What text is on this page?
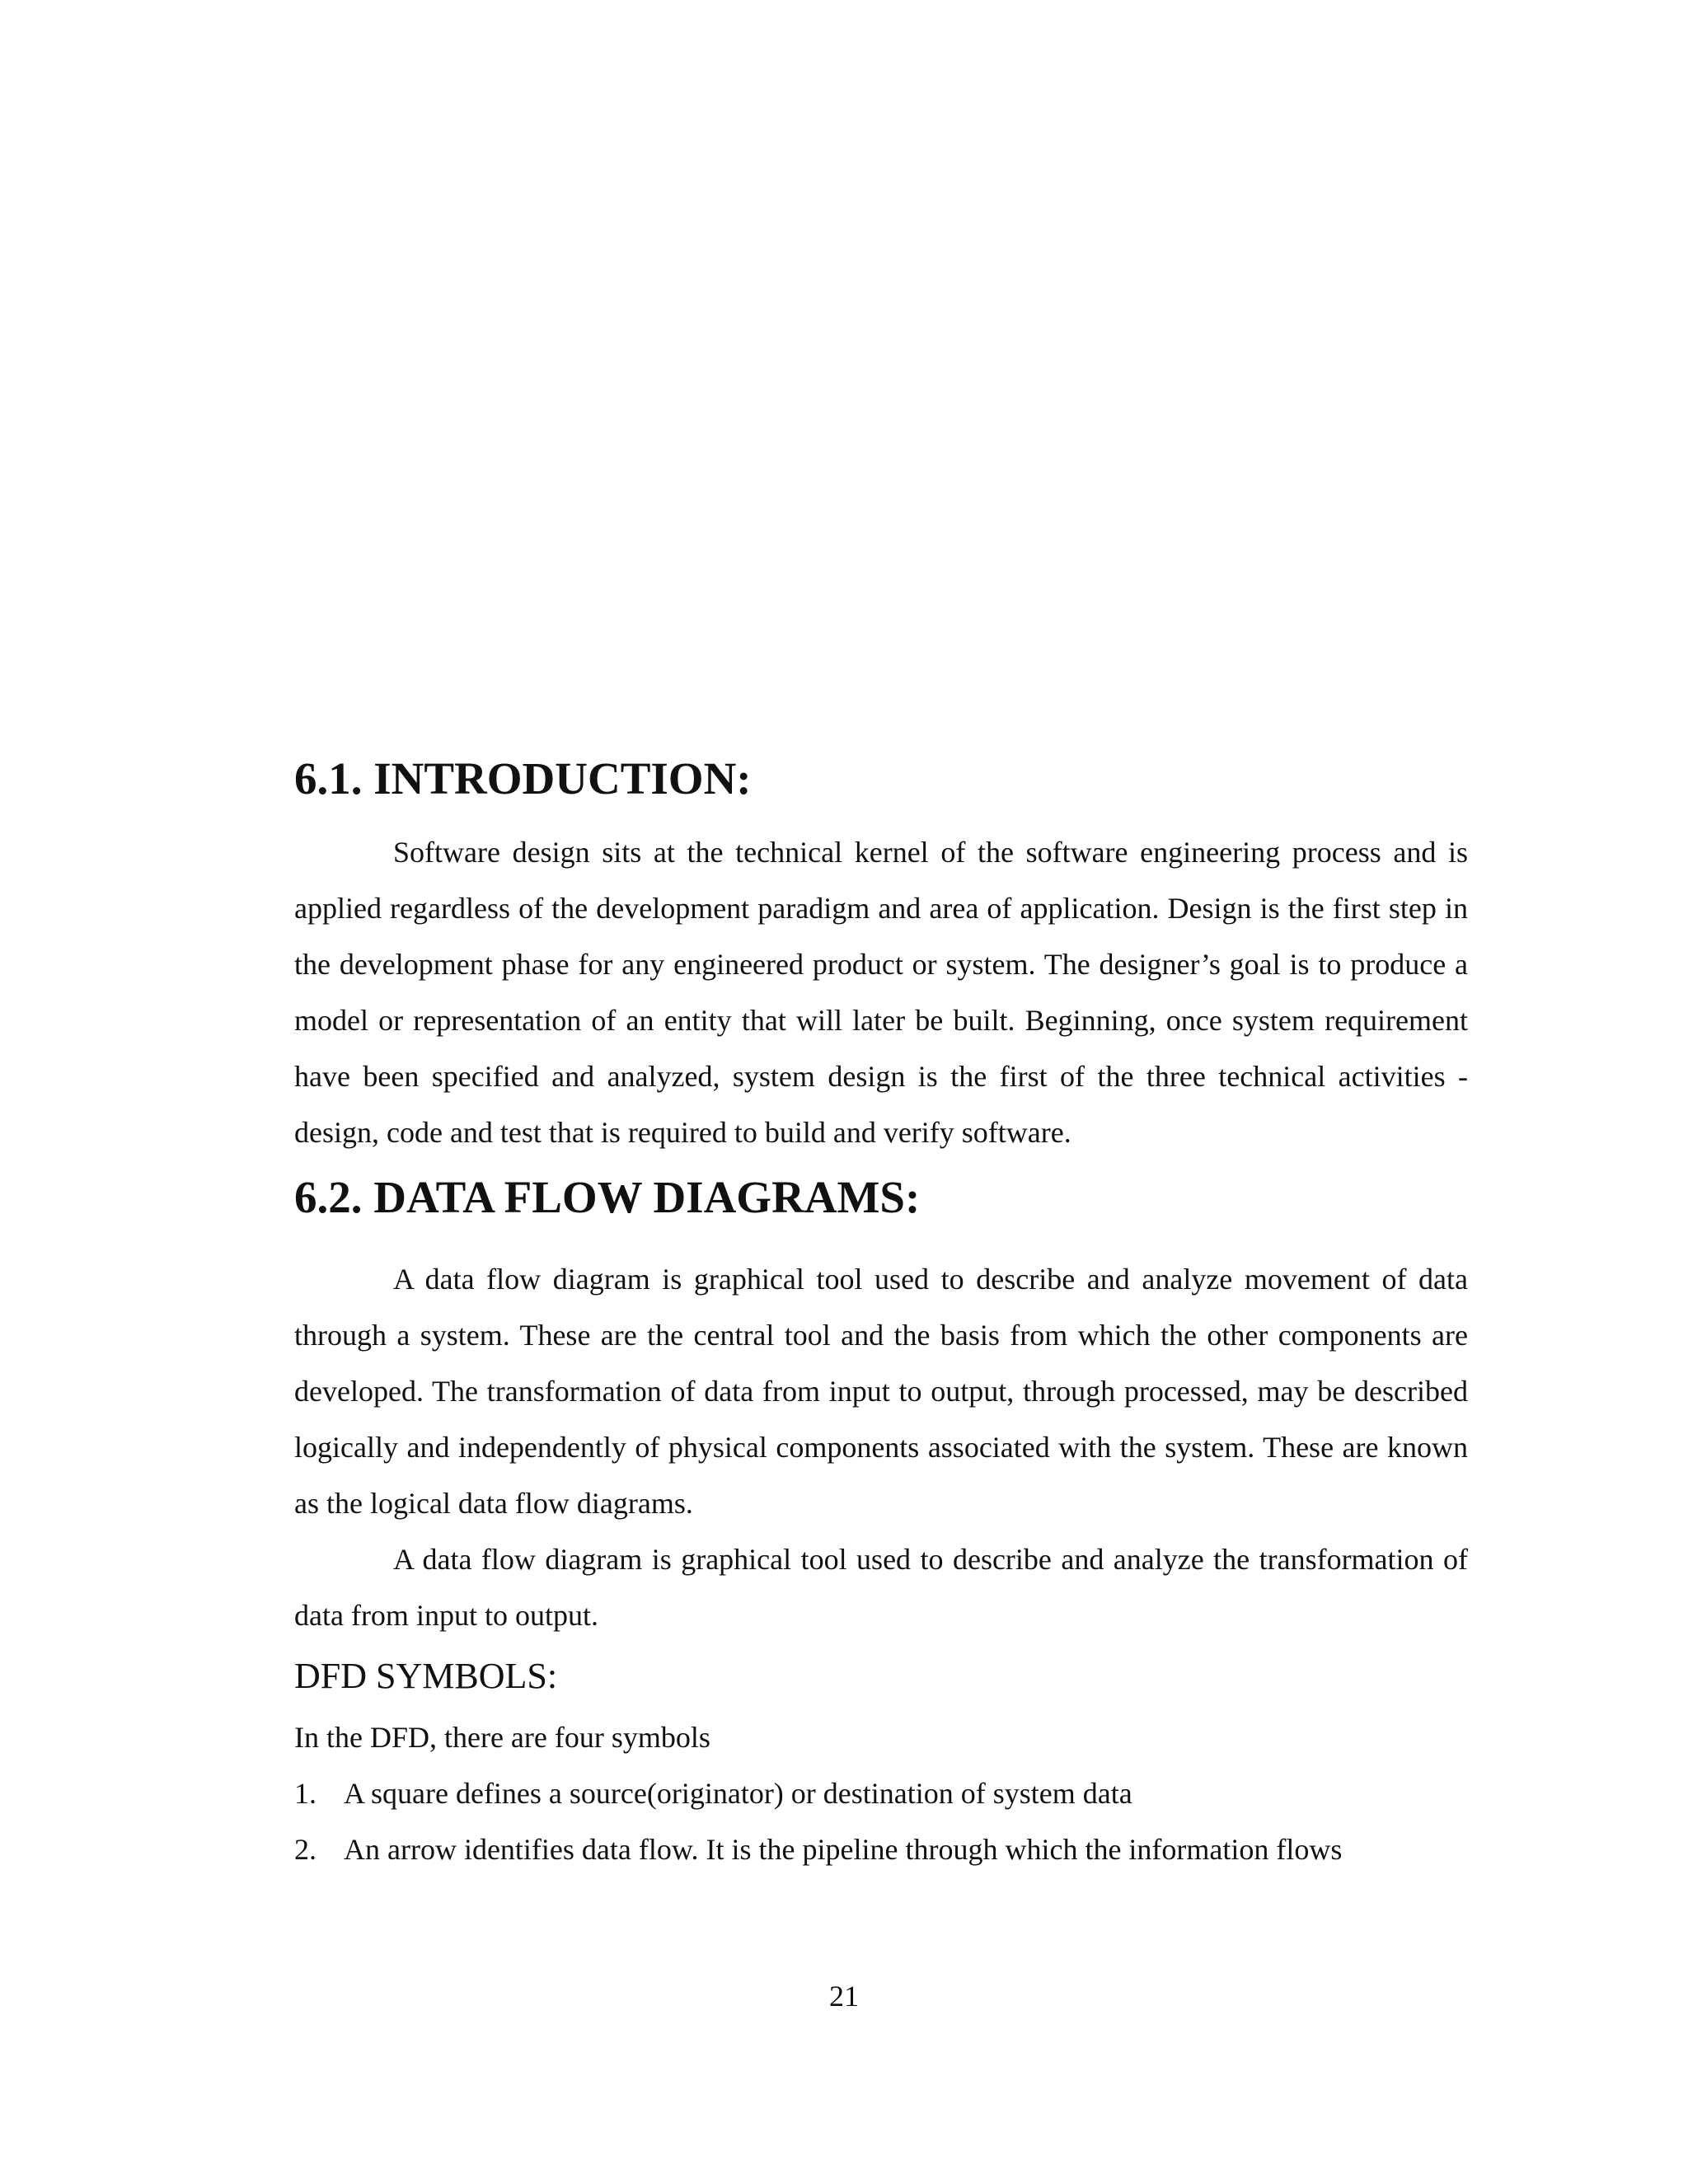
6.1. INTRODUCTION:

Software design sits at the technical kernel of the software engineering process and is applied regardless of the development paradigm and area of application. Design is the first step in the development phase for any engineered product or system. The designer’s goal is to produce a model or representation of an entity that will later be built. Beginning, once system requirement have been specified and analyzed, system design is the first of the three technical activities -design, code and test that is required to build and verify software.

6.2. DATA FLOW DIAGRAMS:

A data flow diagram is graphical tool used to describe and analyze movement of data through a system. These are the central tool and the basis from which the other components are developed. The transformation of data from input to output, through processed, may be described logically and independently of physical components associated with the system. These are known as the logical data flow diagrams.

A data flow diagram is graphical tool used to describe and analyze the transformation of data from input to output.

DFD SYMBOLS:

In the DFD, there are four symbols

1. A square defines a source(originator) or destination of system data
2. An arrow identifies data flow. It is the pipeline through which the information flows
21
